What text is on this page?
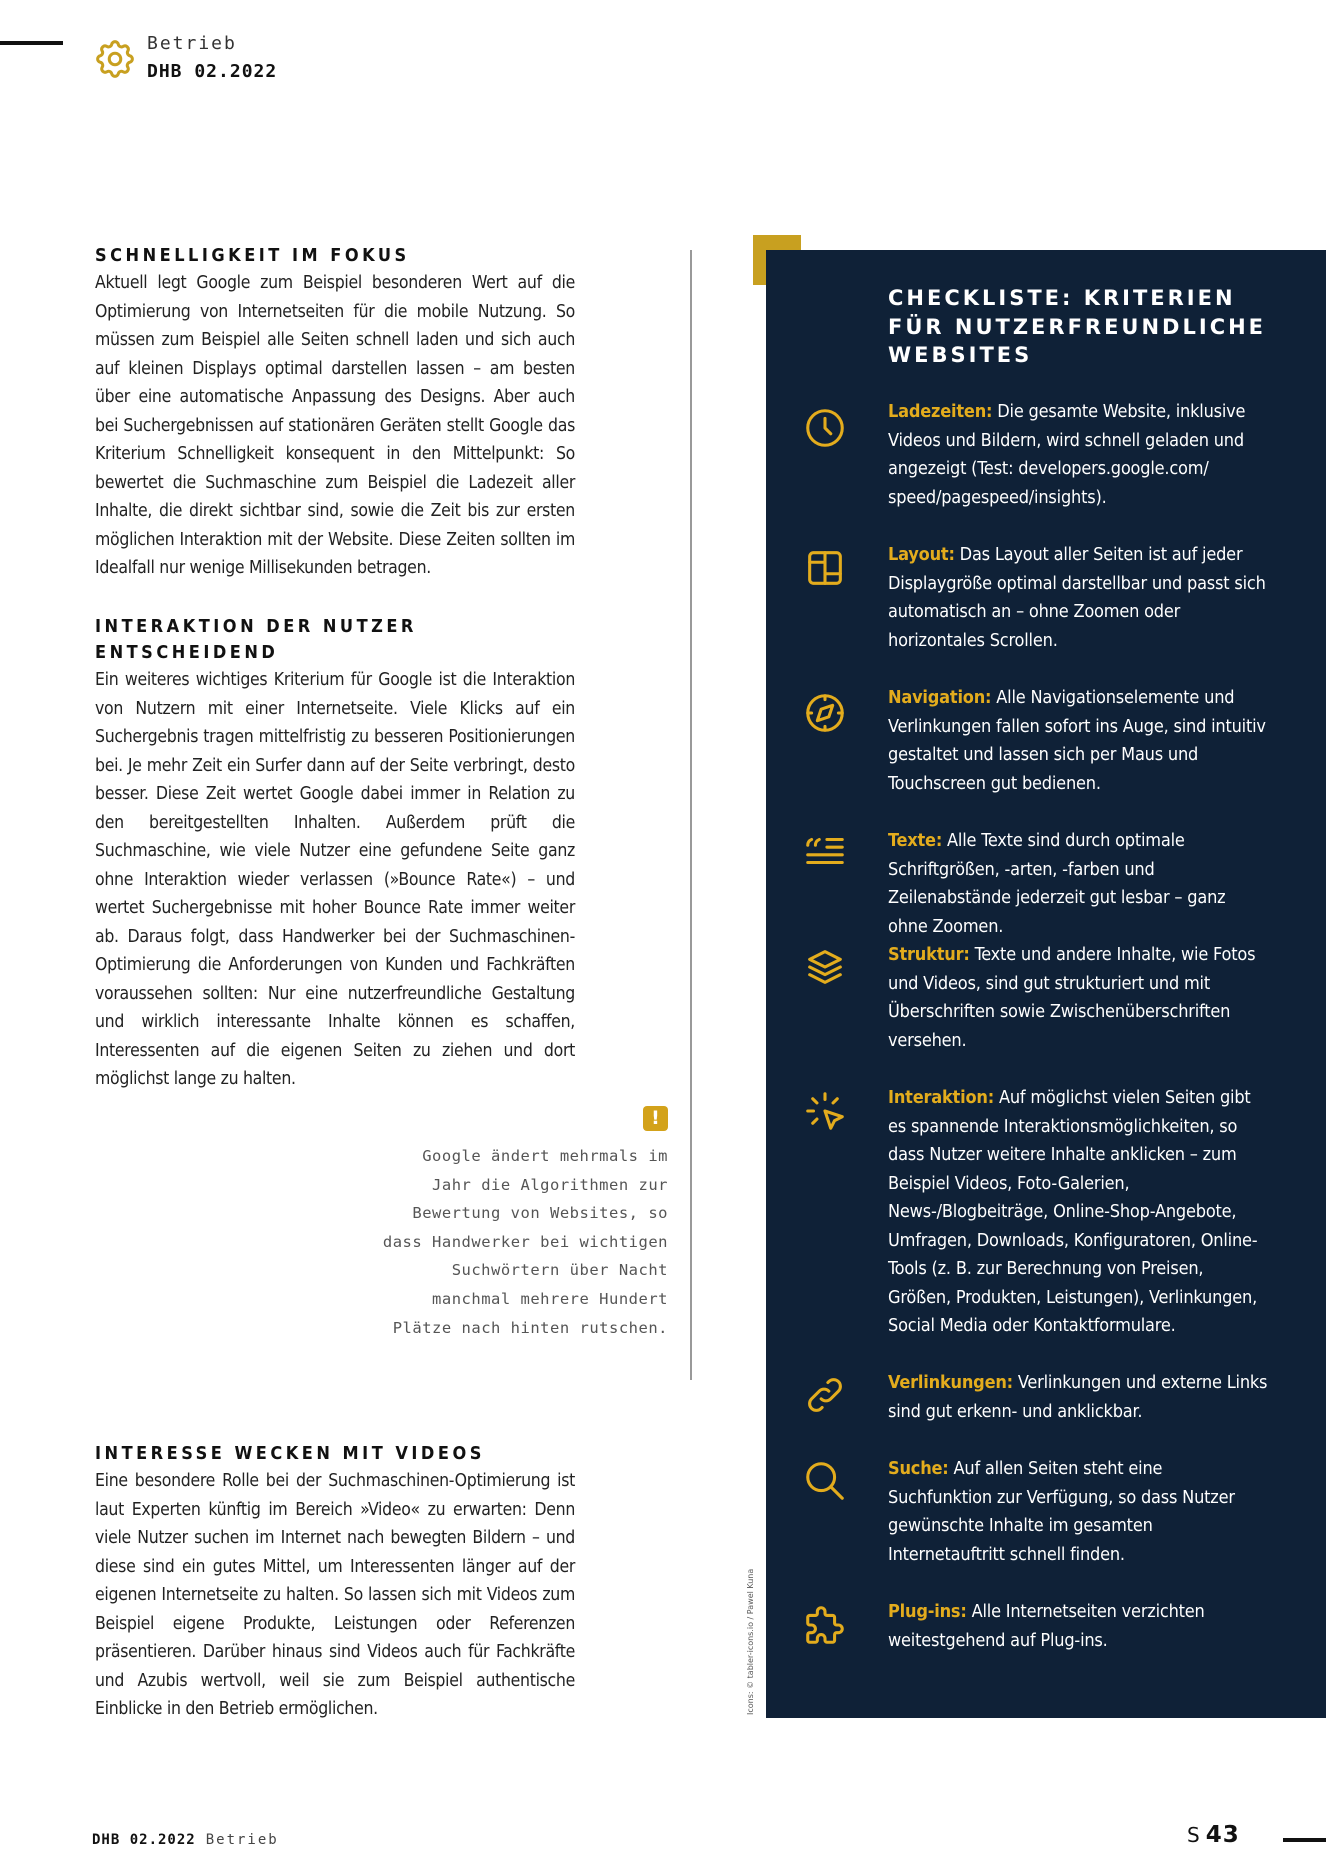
Betrieb
DHB 02.2022
SCHNELLIGKEIT IM FOKUS
Aktuell legt Google zum Beispiel besonderen Wert auf die Optimierung von Internetseiten für die mobile Nutzung. So müssen zum Beispiel alle Seiten schnell laden und sich auch auf kleinen Displays optimal darstellen lassen – am besten über eine automatische Anpassung des Designs. Aber auch bei Suchergebnissen auf stationären Geräten stellt Google das Kriterium Schnelligkeit konsequent in den Mittelpunkt: So bewertet die Suchmaschine zum Beispiel die Ladezeit aller Inhalte, die direkt sichtbar sind, sowie die Zeit bis zur ersten möglichen Interaktion mit der Website. Diese Zeiten sollten im Idealfall nur wenige Millisekunden betragen.
INTERAKTION DER NUTZER ENTSCHEIDEND
Ein weiteres wichtiges Kriterium für Google ist die Interaktion von Nutzern mit einer Internetseite. Viele Klicks auf ein Suchergebnis tragen mittelfristig zu besseren Positionierungen bei. Je mehr Zeit ein Surfer dann auf der Seite verbringt, desto besser. Diese Zeit wertet Google dabei immer in Relation zu den bereitgestellten Inhalten. Außerdem prüft die Suchmaschine, wie viele Nutzer eine gefundene Seite ganz ohne Interaktion wieder verlassen (»Bounce Rate«) – und wertet Suchergebnisse mit hoher Bounce Rate immer weiter ab. Daraus folgt, dass Handwerker bei der Suchmaschinen-Optimierung die Anforderungen von Kunden und Fachkräften voraussehen sollten: Nur eine nutzerfreundliche Gestaltung und wirklich interessante Inhalte können es schaffen, Interessenten auf die eigenen Seiten zu ziehen und dort möglichst lange zu halten.
INTERESSE WECKEN MIT VIDEOS
Eine besondere Rolle bei der Suchmaschinen-Optimierung ist laut Experten künftig im Bereich »Video« zu erwarten: Denn viele Nutzer suchen im Internet nach bewegten Bildern – und diese sind ein gutes Mittel, um Interessenten länger auf der eigenen Internetseite zu halten. So lassen sich mit Videos zum Beispiel eigene Produkte, Leistungen oder Referenzen präsentieren. Darüber hinaus sind Videos auch für Fachkräfte und Azubis wertvoll, weil sie zum Beispiel authentische Einblicke in den Betrieb ermöglichen.
!
Google ändert mehrmals im
Jahr die Algorithmen zur
Bewertung von Websites, so
dass Handwerker bei wichtigen
Suchwörtern über Nacht
manchmal mehrere Hundert
Plätze nach hinten rutschen.
Icons: © tabler-icons.io / Pawel Kuna
CHECKLISTE: KRITERIEN FÜR NUTZERFREUNDLICHE WEBSITES
Ladezeiten: Die gesamte Website, inklusive Videos und Bildern, wird schnell geladen und angezeigt (Test: developers.google.com/ speed/pagespeed/insights).
Layout: Das Layout aller Seiten ist auf jeder Displaygröße optimal darstellbar und passt sich automatisch an – ohne Zoomen oder horizontales Scrollen.
Navigation: Alle Navigationselemente und Verlinkungen fallen sofort ins Auge, sind intuitiv gestaltet und lassen sich per Maus und Touchscreen gut bedienen.
Texte: Alle Texte sind durch optimale Schriftgrößen, -arten, -farben und Zeilenabstände jederzeit gut lesbar – ganz ohne Zoomen.
Struktur: Texte und andere Inhalte, wie Fotos und Videos, sind gut strukturiert und mit Überschriften sowie Zwischenüberschriften versehen.
Interaktion: Auf möglichst vielen Seiten gibt es spannende Interaktionsmöglichkeiten, so dass Nutzer weitere Inhalte anklicken – zum Beispiel Videos, Foto-Galerien, News-/Blogbeiträge, Online-Shop-Angebote, Umfragen, Downloads, Konfiguratoren, Online-Tools (z. B. zur Berechnung von Preisen, Größen, Produkten, Leistungen), Verlinkungen, Social Media oder Kontaktformulare.
Verlinkungen: Verlinkungen und externe Links sind gut erkenn- und anklickbar.
Suche: Auf allen Seiten steht eine Suchfunktion zur Verfügung, so dass Nutzer gewünschte Inhalte im gesamten Internetauftritt schnell finden.
Plug-ins: Alle Internetseiten verzichten weitestgehend auf Plug-ins.
DHB 02.2022 Betrieb	S 43
